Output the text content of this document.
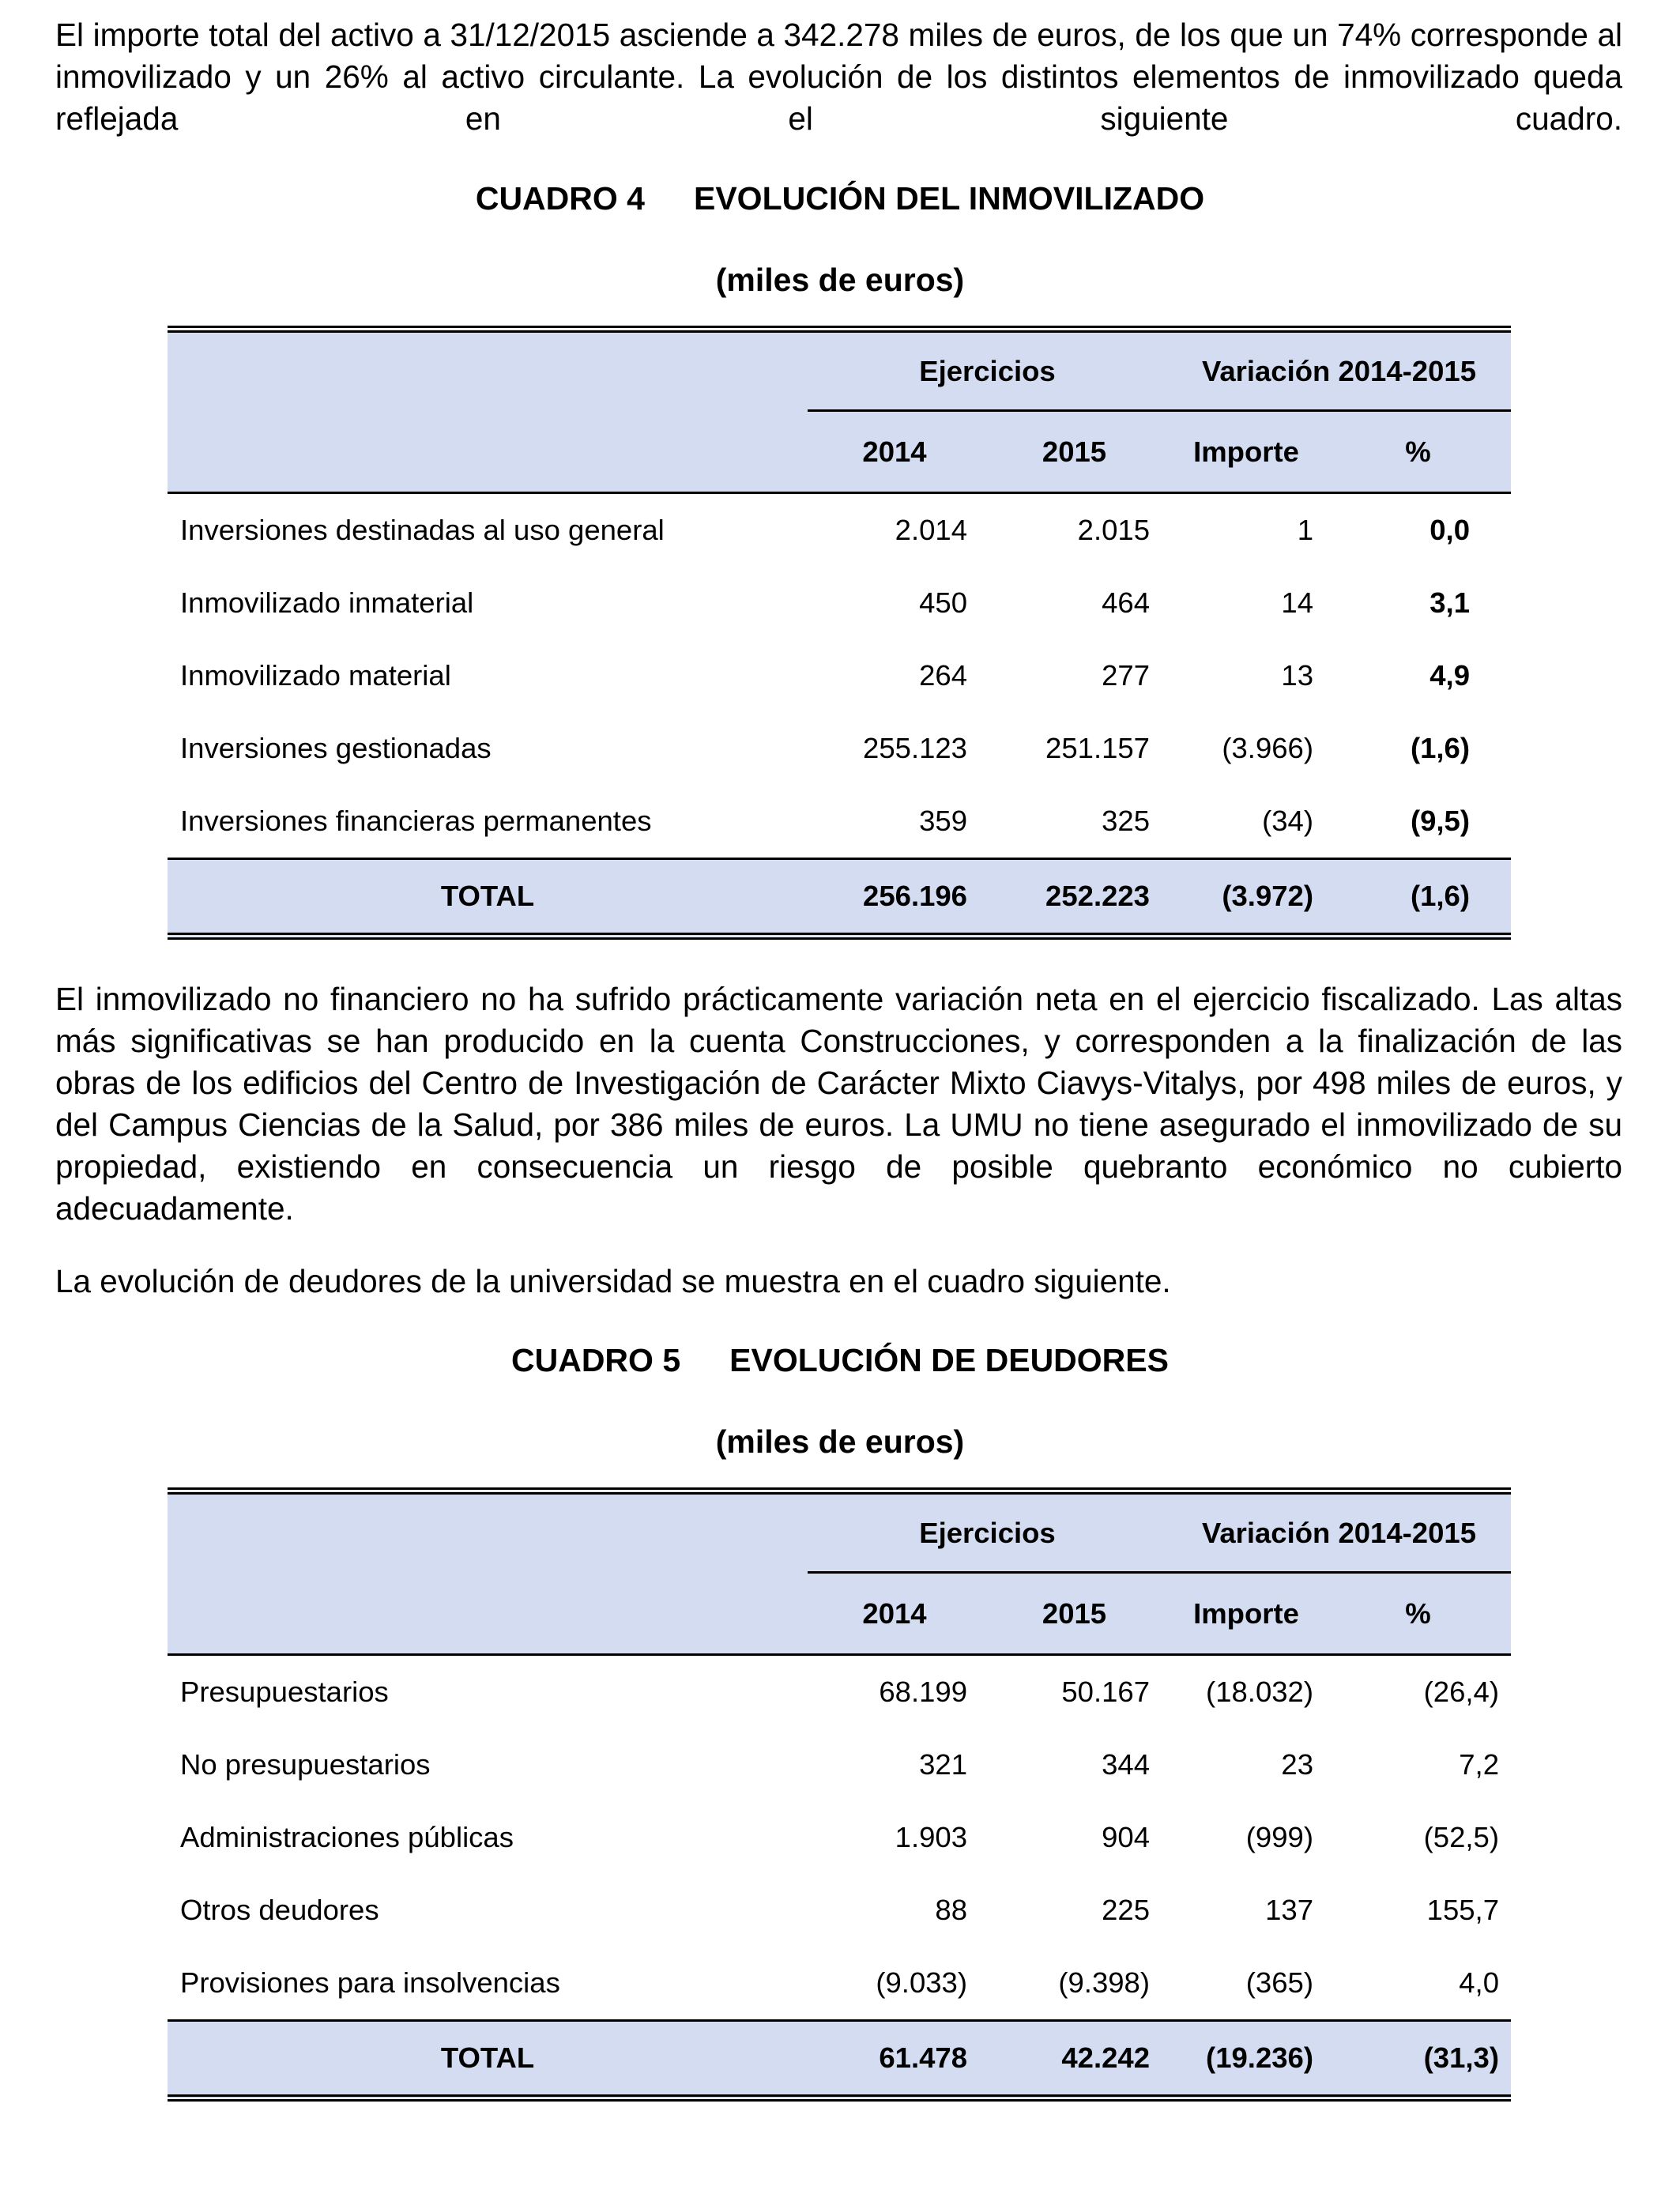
El importe total del activo a 31/12/2015 asciende a 342.278 miles de euros, de los que un 74% corresponde al inmovilizado y un 26% al activo circulante. La evolución de los distintos elementos de inmovilizado queda reflejada en el siguiente cuadro.

CUADRO 4 EVOLUCIÓN DEL INMOVILIZADO

(miles de euros)

	Ejercicios		Variación 2014-2015	
	2014	2015	Importe	%
Inversiones destinadas al uso general	2.014	2.015	1	0,0
Inmovilizado inmaterial	450	464	14	3,1
Inmovilizado material	264	277	13	4,9
Inversiones gestionadas	255.123	251.157	(3.966)	(1,6)
Inversiones financieras permanentes	359	325	(34)	(9,5)
TOTAL	256.196	252.223	(3.972)	(1,6)

El inmovilizado no financiero no ha sufrido prácticamente variación neta en el ejercicio fiscalizado. Las altas más significativas se han producido en la cuenta Construcciones, y corresponden a la finalización de las obras de los edificios del Centro de Investigación de Carácter Mixto Ciavys-Vitalys, por 498 miles de euros, y del Campus Ciencias de la Salud, por 386 miles de euros. La UMU no tiene asegurado el inmovilizado de su propiedad, existiendo en consecuencia un riesgo de posible quebranto económico no cubierto adecuadamente.

La evolución de deudores de la universidad se muestra en el cuadro siguiente.

CUADRO 5 EVOLUCIÓN DE DEUDORES

(miles de euros)

	Ejercicios		Variación 2014-2015	
	2014	2015	Importe	%
Presupuestarios	68.199	50.167	(18.032)	(26,4)
No presupuestarios	321	344	23	7,2
Administraciones públicas	1.903	904	(999)	(52,5)
Otros deudores	88	225	137	155,7
Provisiones para insolvencias	(9.033)	(9.398)	(365)	4,0
TOTAL	61.478	42.242	(19.236)	(31,3)
